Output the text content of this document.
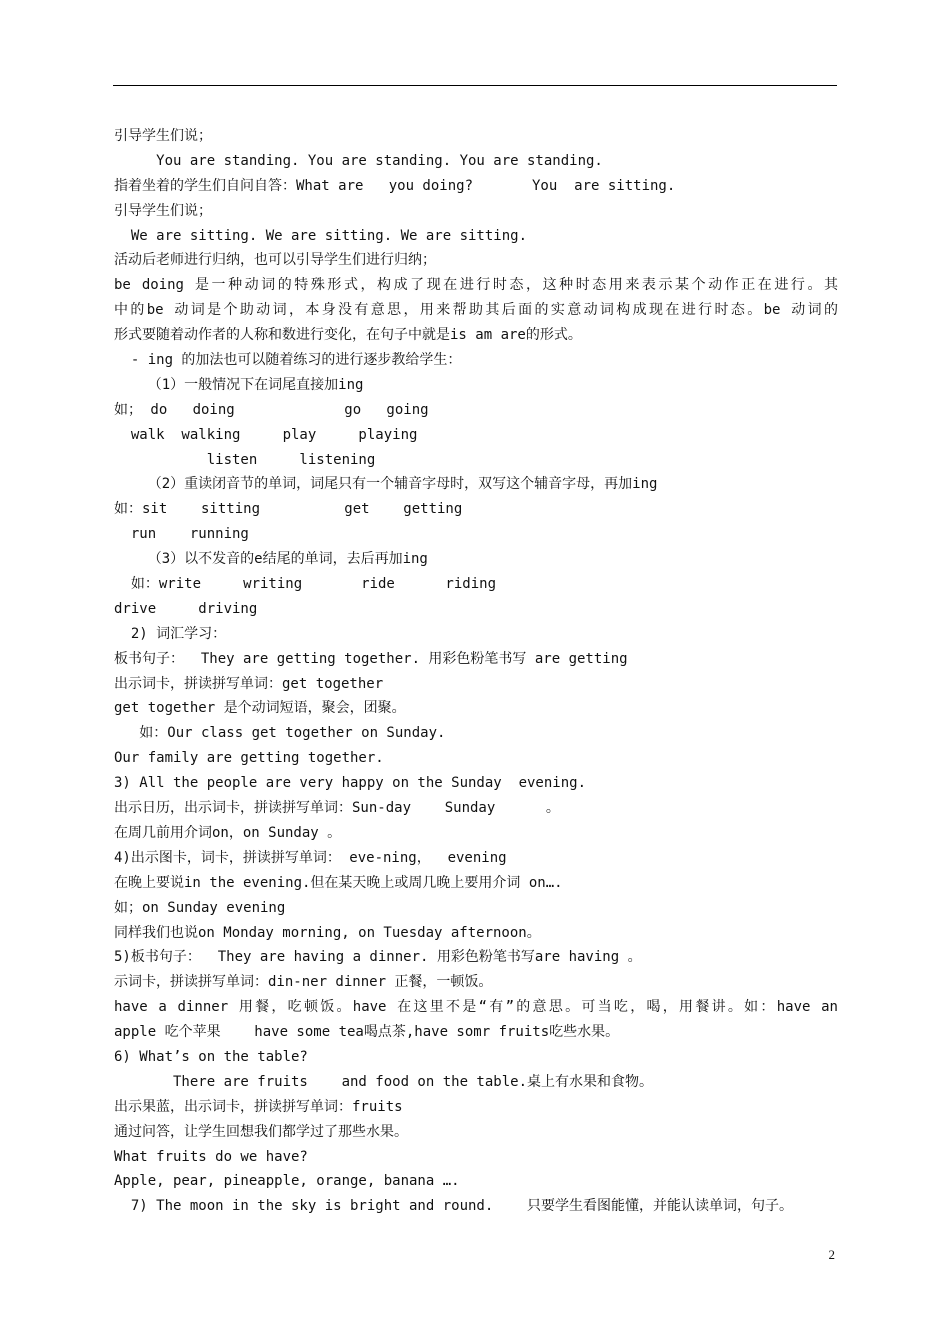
引导学生们说；
You are standing. You are standing. You are standing.
指着坐着的学生们自问自答：What are   you doing?       You  are sitting.
引导学生们说；
We are sitting. We are sitting. We are sitting.
活动后老师进行归纳，也可以引导学生们进行归纳；
be doing 是一种动词的特殊形式，构成了现在进行时态，这种时态用来表示某个动作正在进行。其
中的be 动词是个助动词，本身没有意思，用来帮助其后面的实意动词构成现在进行时态。be 动词的
形式要随着动作者的人称和数进行变化，在句子中就是is am are的形式。
- ing 的加法也可以随着练习的进行逐步教给学生：
（1）一般情况下在词尾直接加ing
如； do   doing             go   going
walk  walking     play     playing
listen     listening
（2）重读闭音节的单词，词尾只有一个辅音字母时，双写这个辅音字母，再加ing
如：sit    sitting          get    getting
run    running
（3）以不发音的e结尾的单词，去后再加ing
如：write     writing       ride      riding
drive     driving
2) 词汇学习：
板书句子：  They are getting together. 用彩色粉笔书写 are getting
出示词卡，拼读拼写单词：get together
get together 是个动词短语，聚会，团聚。
如：Our class get together on Sunday.
Our family are getting together.
3) All the people are very happy on the Sunday  evening.
出示日历，出示词卡，拼读拼写单词：Sun-day    Sunday      。
在周几前用介词on，on Sunday 。
4)出示图卡，词卡，拼读拼写单词： eve-ning，  evening
在晚上要说in the evening.但在某天晚上或周几晚上要用介词 on….
如；on Sunday evening
同样我们也说on Monday morning, on Tuesday afternoon。
5)板书句子：  They are having a dinner. 用彩色粉笔书写are having 。
示词卡，拼读拼写单词：din-ner dinner 正餐，一顿饭。
have a dinner 用餐，吃顿饭。have 在这里不是“有”的意思。可当吃，喝，用餐讲。如：have an
apple 吃个苹果    have some tea喝点茶,have somr fruits吃些水果。
6) What’s on the table?
There are fruits    and food on the table.桌上有水果和食物。
出示果蓝，出示词卡，拼读拼写单词：fruits
通过问答，让学生回想我们都学过了那些水果。
What fruits do we have?
Apple, pear, pineapple, orange, banana ….
7) The moon in the sky is bright and round.    只要学生看图能懂，并能认读单词，句子。
2
